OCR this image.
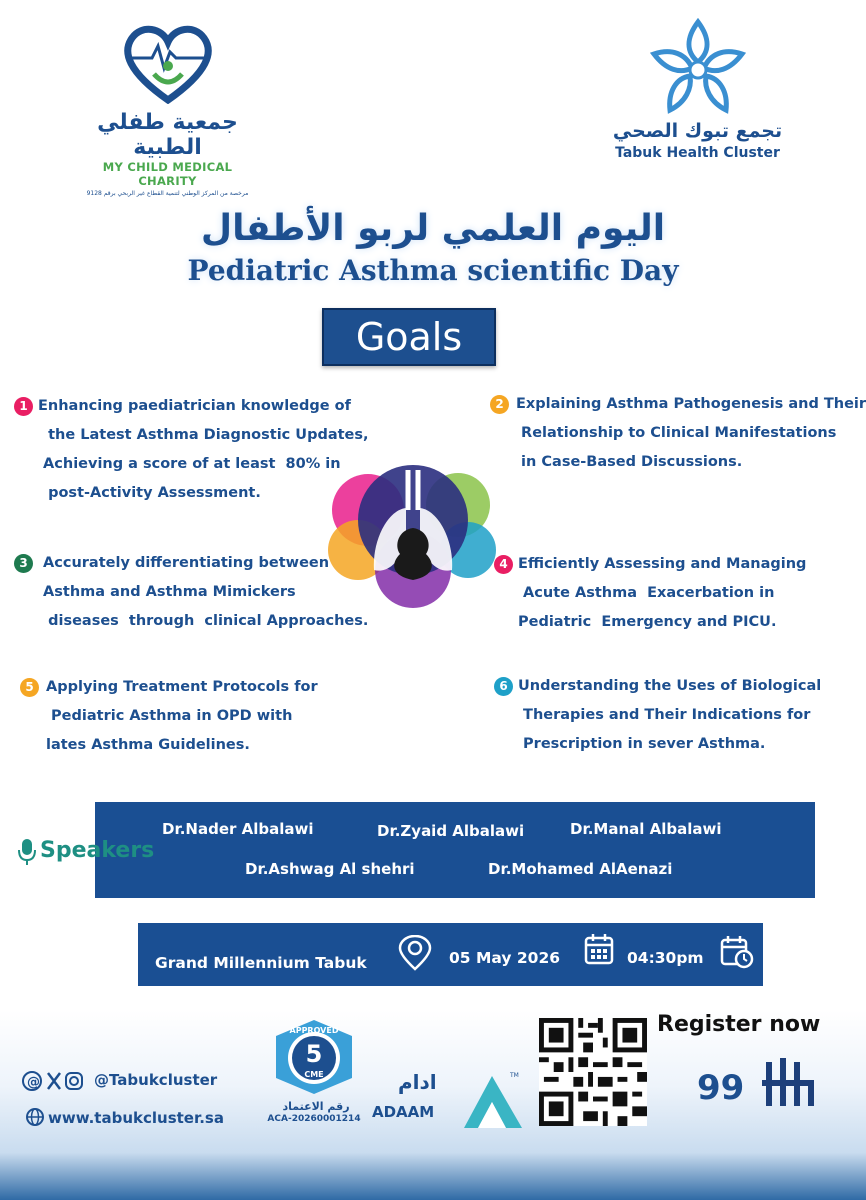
جمعية طفلي الطبية
MY CHILD MEDICAL CHARITY
مرخصة من المركز الوطني لتنمية القطاع غير الربحي برقم 9128
تجمع تبوك الصحي
Tabuk Health Cluster
اليوم العلمي لربو الأطفال
Pediatric Asthma scientific Day
Goals
1 Enhancing paediatrician knowledge of
the Latest Asthma Diagnostic Updates,
Achieving a score of at least  80% in
post-Activity Assessment.
2 Explaining Asthma Pathogenesis and Their
Relationship to Clinical Manifestations
in Case-Based Discussions.
3	Accurately differentiating between
Asthma and Asthma Mimickers
diseases  through  clinical Approaches.
4 Efficiently Assessing and Managing
Acute Asthma  Exacerbation in
Pediatric  Emergency and PICU.
5 Applying Treatment Protocols for
Pediatric Asthma in OPD with
lates Asthma Guidelines.
6 Understanding the Uses of Biological
Therapies and Their Indications for
Prescription in sever Asthma.
Dr.Nader Albalawi	Dr.Zyaid Albalawi	Dr.Manal Albalawi
Dr.Ashwag Al shehri	Dr.Mohamed AlAenazi
Speakers
Grand Millennium Tabuk	05 May 2026	04:30pm
@	@Tabukcluster
www.tabukcluster.sa
APPROVED
5
CME
رقم الاعتماد
ACA-20260001214
ادام
ADAAM
TM
Register now
99
